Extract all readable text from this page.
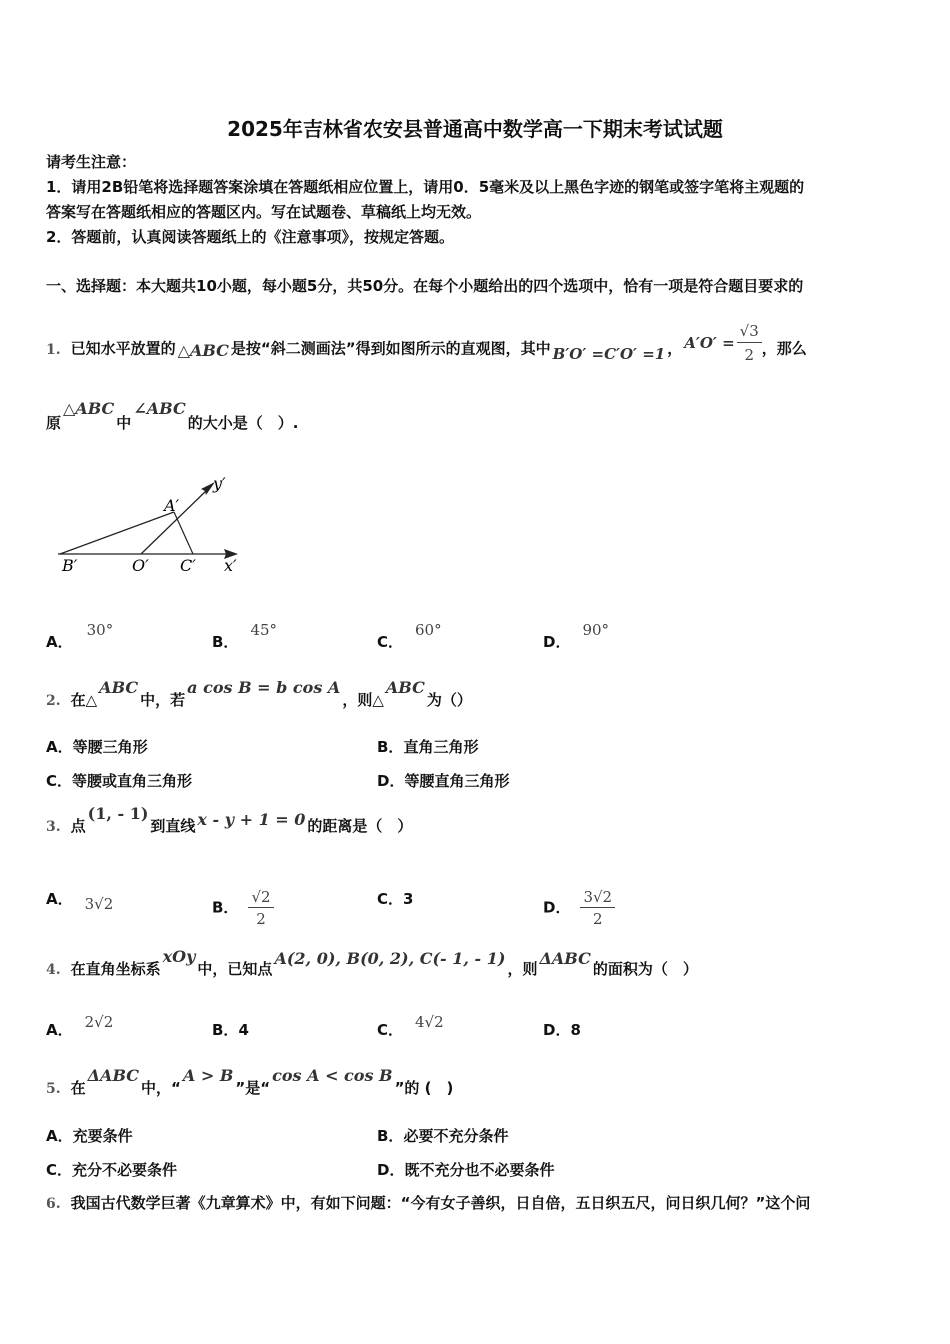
2025年吉林省农安县普通高中数学高一下期末考试试题
请考生注意：
1．请用2B铅笔将选择题答案涂填在答题纸相应位置上，请用0．5毫米及以上黑色字迹的钢笔或签字笔将主观题的
答案写在答题纸相应的答题区内。写在试题卷、草稿纸上均无效。
2．答题前，认真阅读答题纸上的《注意事项》，按规定答题。
一、选择题：本大题共10小题，每小题5分，共50分。在每个小题给出的四个选项中，恰有一项是符合题目要求的
1. 已知水平放置的 △ABC 是按“斜二测画法”得到如图所示的直观图，其中 B′O′ =C′O′ =1 ， $A'O' = \frac{√3}{2}$ ，那么
原△ABC中∠ABC的大小是（　）.
y′
A′
B′	O′ C′ x′
A．30°
B．45°
C．60°
D．90°
2. 在△ABC中，若a cos B = b cos A，则△ABC为（）
A．等腰三角形	B．直角三角形
C．等腰或直角三角形	D．等腰直角三角形
3. 点(1, - 1)到直线 x - y + 1 = 0 的距离是（　）
A． 3√2	B． $\frac{√2}{2}$	C．3	D． $\frac{3√2}{2}$
4. 在直角坐标系xOy中，已知点A(2, 0), B(0, 2), C(- 1, - 1)，则ΔABC的面积为（　）
A． 2√2	B．4	C． 4√2	D．8
5. 在ΔABC中，“A > B”是“cos A < cos B”的 (　)
A．充要条件	B．必要不充分条件
C．充分不必要条件	D．既不充分也不必要条件
6. 我国古代数学巨著《九章算术》中，有如下问题：“今有女子善织，日自倍，五日织五尺，问日织几何？”这个问
